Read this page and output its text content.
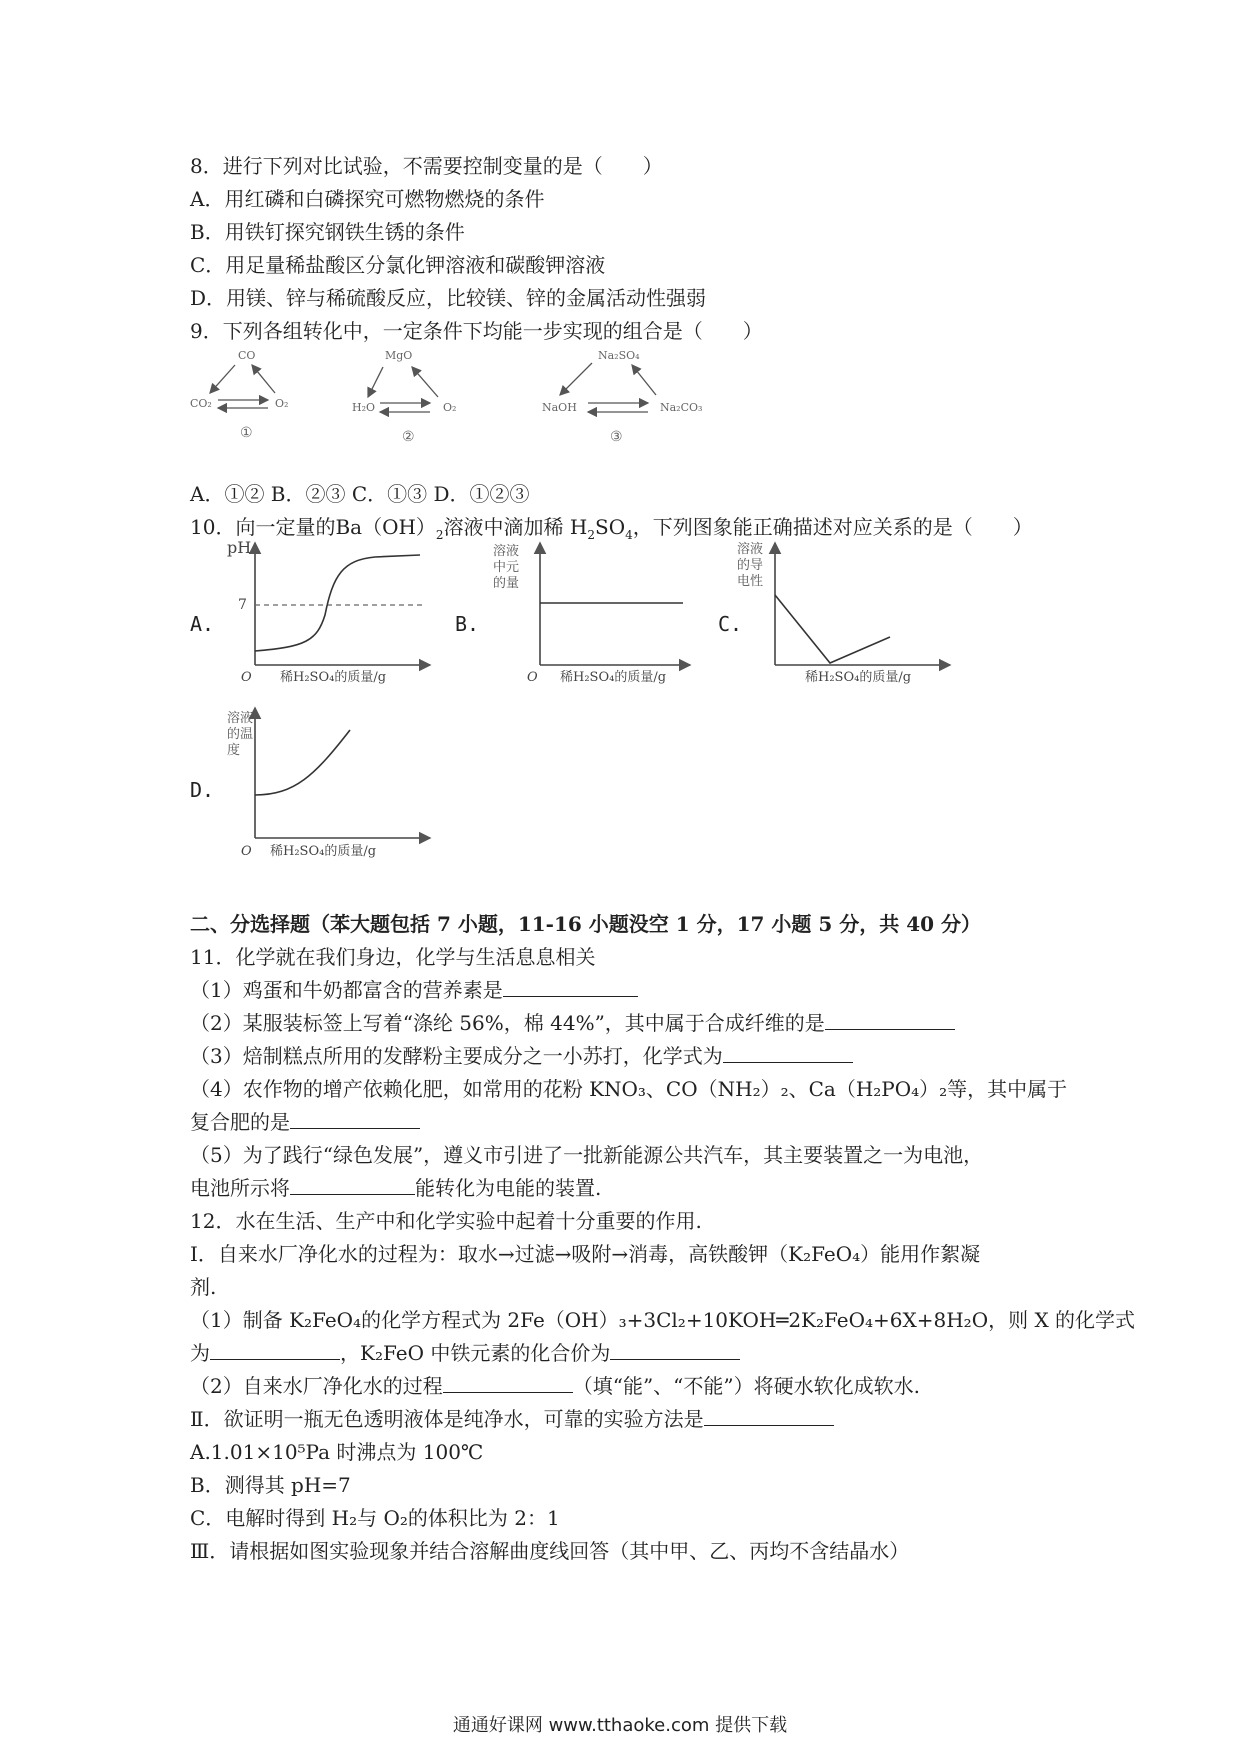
8．进行下列对比试验，不需要控制变量的是（　　）
A．用红磷和白磷探究可燃物燃烧的条件
B．用铁钉探究钢铁生锈的条件
C．用足量稀盐酸区分氯化钾溶液和碳酸钾溶液
D．用镁、锌与稀硫酸反应，比较镁、锌的金属活动性强弱
9．下列各组转化中，一定条件下均能一步实现的组合是（　　）
CO
CO₂	O₂
①
MgO
H₂O	O₂
②
Na₂SO₄
NaOH	Na₂CO₃
③
A．①② B．②③ C．①③ D．①②③
10．向一定量的$Ba(OH)_2$溶液中滴加稀 $H_2SO_4$，下列图象能正确描述对应关系的是（　　）
A.	B.	C.
D.
pH
7
O 稀H₂SO₄的质量/g
溶液中元的量
O 稀H₂SO₄的质量/g
溶液的导电性
稀H₂SO₄的质量/g
溶液的温度
O 稀H₂SO₄的质量/g
二、分选择题（苯大题包括 7 小题，11-16 小题没空 1 分，17 小题 5 分，共 40 分）
11．化学就在我们身边，化学与生活息息相关
（1）鸡蛋和牛奶都富含的营养素是
（2）某服装标签上写着“涤纶 56%，棉 44%”，其中属于合成纤维的是
（3）焙制糕点所用的发酵粉主要成分之一小苏打，化学式为
（4）农作物的增产依赖化肥，如常用的花粉 KNO₃、CO（NH₂）₂、Ca（H₂PO₄）₂等，其中属于
复合肥的是
（5）为了践行“绿色发展”，遵义市引进了一批新能源公共汽车，其主要装置之一为电池，
电池所示将	能转化为电能的装置.
12．水在生活、生产中和化学实验中起着十分重要的作用.
Ⅰ．自来水厂净化水的过程为：取水→过滤→吸附→消毒，高铁酸钾（K₂FeO₄）能用作絮凝
剂.
（1）制备 K₂FeO₄的化学方程式为 2Fe（OH）₃+3Cl₂+10KOH═2K₂FeO₄+6X+8H₂O，则 X 的化学式
为	，K₂FeO 中铁元素的化合价为
（2）自来水厂净化水的过程	（填“能”、“不能”）将硬水软化成软水.
Ⅱ．欲证明一瓶无色透明液体是纯净水，可靠的实验方法是
A.1.01×10⁵Pa 时沸点为 100℃
B．测得其 pH=7
C．电解时得到 H₂与 O₂的体积比为 2：1
Ⅲ．请根据如图实验现象并结合溶解曲度线回答（其中甲、乙、丙均不含结晶水）
通通好课网 www.tthaoke.com 提供下载
